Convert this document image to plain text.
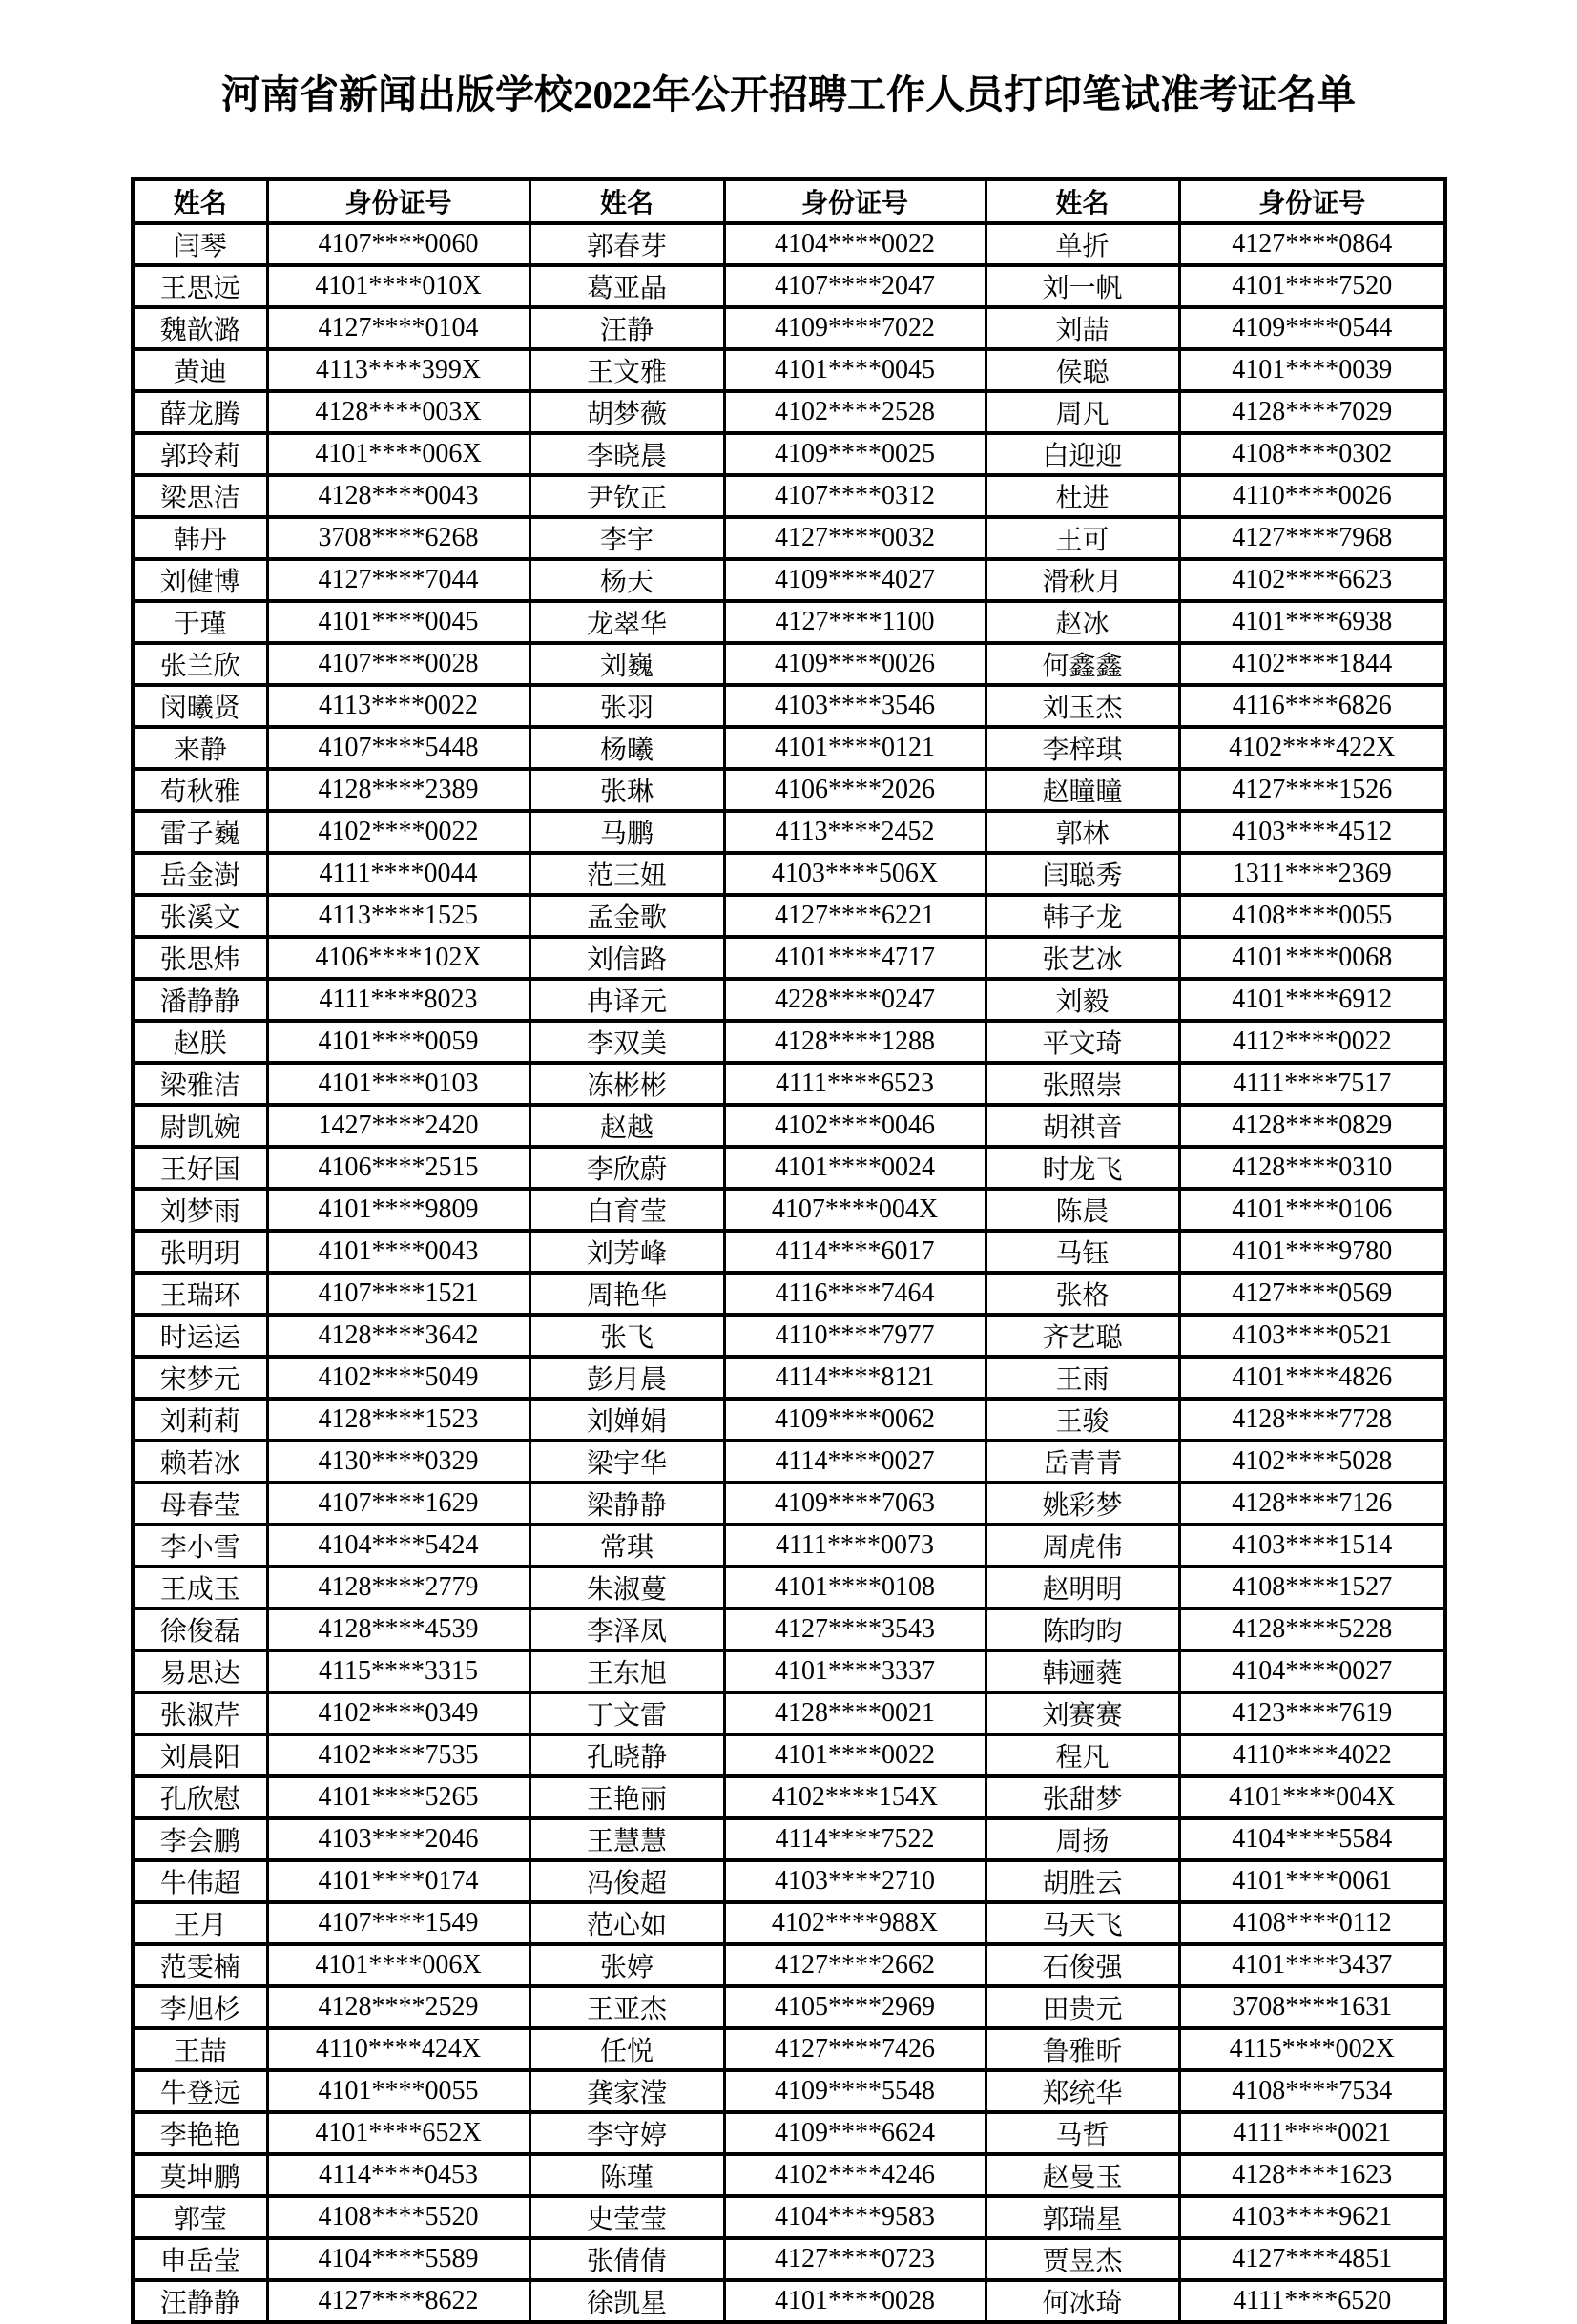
河南省新闻出版学校2022年公开招聘工作人员打印笔试准考证名单
姓名	身份证号	姓名	身份证号	姓名	身份证号
闫琴	4107****0060	郭春芽	4104****0022	单折	4127****0864
王思远	4101****010X	葛亚晶	4107****2047	刘一帆	4101****7520
魏歆潞	4127****0104	汪静	4109****7022	刘喆	4109****0544
黄迪	4113****399X	王文雅	4101****0045	侯聪	4101****0039
薛龙腾	4128****003X	胡梦薇	4102****2528	周凡	4128****7029
郭玲莉	4101****006X	李晓晨	4109****0025	白迎迎	4108****0302
梁思洁	4128****0043	尹钦正	4107****0312	杜进	4110****0026
韩丹	3708****6268	李宇	4127****0032	王可	4127****7968
刘健博	4127****7044	杨天	4109****4027	滑秋月	4102****6623
于瑾	4101****0045	龙翠华	4127****1100	赵冰	4101****6938
张兰欣	4107****0028	刘巍	4109****0026	何鑫鑫	4102****1844
闵曦贤	4113****0022	张羽	4103****3546	刘玉杰	4116****6826
来静	4107****5448	杨曦	4101****0121	李梓琪	4102****422X
苟秋雅	4128****2389	张琳	4106****2026	赵瞳瞳	4127****1526
雷子巍	4102****0022	马鹏	4113****2452	郭林	4103****4512
岳金澍	4111****0044	范三妞	4103****506X	闫聪秀	1311****2369
张溪文	4113****1525	孟金歌	4127****6221	韩子龙	4108****0055
张思炜	4106****102X	刘信路	4101****4717	张艺冰	4101****0068
潘静静	4111****8023	冉译元	4228****0247	刘毅	4101****6912
赵朕	4101****0059	李双美	4128****1288	平文琦	4112****0022
梁雅洁	4101****0103	冻彬彬	4111****6523	张照崇	4111****7517
尉凯婉	1427****2420	赵越	4102****0046	胡祺音	4128****0829
王好国	4106****2515	李欣蔚	4101****0024	时龙飞	4128****0310
刘梦雨	4101****9809	白育莹	4107****004X	陈晨	4101****0106
张明玥	4101****0043	刘芳峰	4114****6017	马钰	4101****9780
王瑞环	4107****1521	周艳华	4116****7464	张格	4127****0569
时运运	4128****3642	张飞	4110****7977	齐艺聪	4103****0521
宋梦元	4102****5049	彭月晨	4114****8121	王雨	4101****4826
刘莉莉	4128****1523	刘婵娟	4109****0062	王骏	4128****7728
赖若冰	4130****0329	梁宇华	4114****0027	岳青青	4102****5028
母春莹	4107****1629	梁静静	4109****7063	姚彩梦	4128****7126
李小雪	4104****5424	常琪	4111****0073	周虎伟	4103****1514
王成玉	4128****2779	朱淑蔓	4101****0108	赵明明	4108****1527
徐俊磊	4128****4539	李泽凤	4127****3543	陈昀昀	4128****5228
易思达	4115****3315	王东旭	4101****3337	韩逦蕤	4104****0027
张淑芹	4102****0349	丁文雷	4128****0021	刘赛赛	4123****7619
刘晨阳	4102****7535	孔晓静	4101****0022	程凡	4110****4022
孔欣慰	4101****5265	王艳丽	4102****154X	张甜梦	4101****004X
李会鹏	4103****2046	王慧慧	4114****7522	周扬	4104****5584
牛伟超	4101****0174	冯俊超	4103****2710	胡胜云	4101****0061
王月	4107****1549	范心如	4102****988X	马天飞	4108****0112
范雯楠	4101****006X	张婷	4127****2662	石俊强	4101****3437
李旭杉	4128****2529	王亚杰	4105****2969	田贵元	3708****1631
王喆	4110****424X	任悦	4127****7426	鲁雅昕	4115****002X
牛登远	4101****0055	龚家滢	4109****5548	郑统华	4108****7534
李艳艳	4101****652X	李守婷	4109****6624	马哲	4111****0021
莫坤鹏	4114****0453	陈瑾	4102****4246	赵曼玉	4128****1623
郭莹	4108****5520	史莹莹	4104****9583	郭瑞星	4103****9621
申岳莹	4104****5589	张倩倩	4127****0723	贾昱杰	4127****4851
汪静静	4127****8622	徐凯星	4101****0028	何冰琦	4111****6520
